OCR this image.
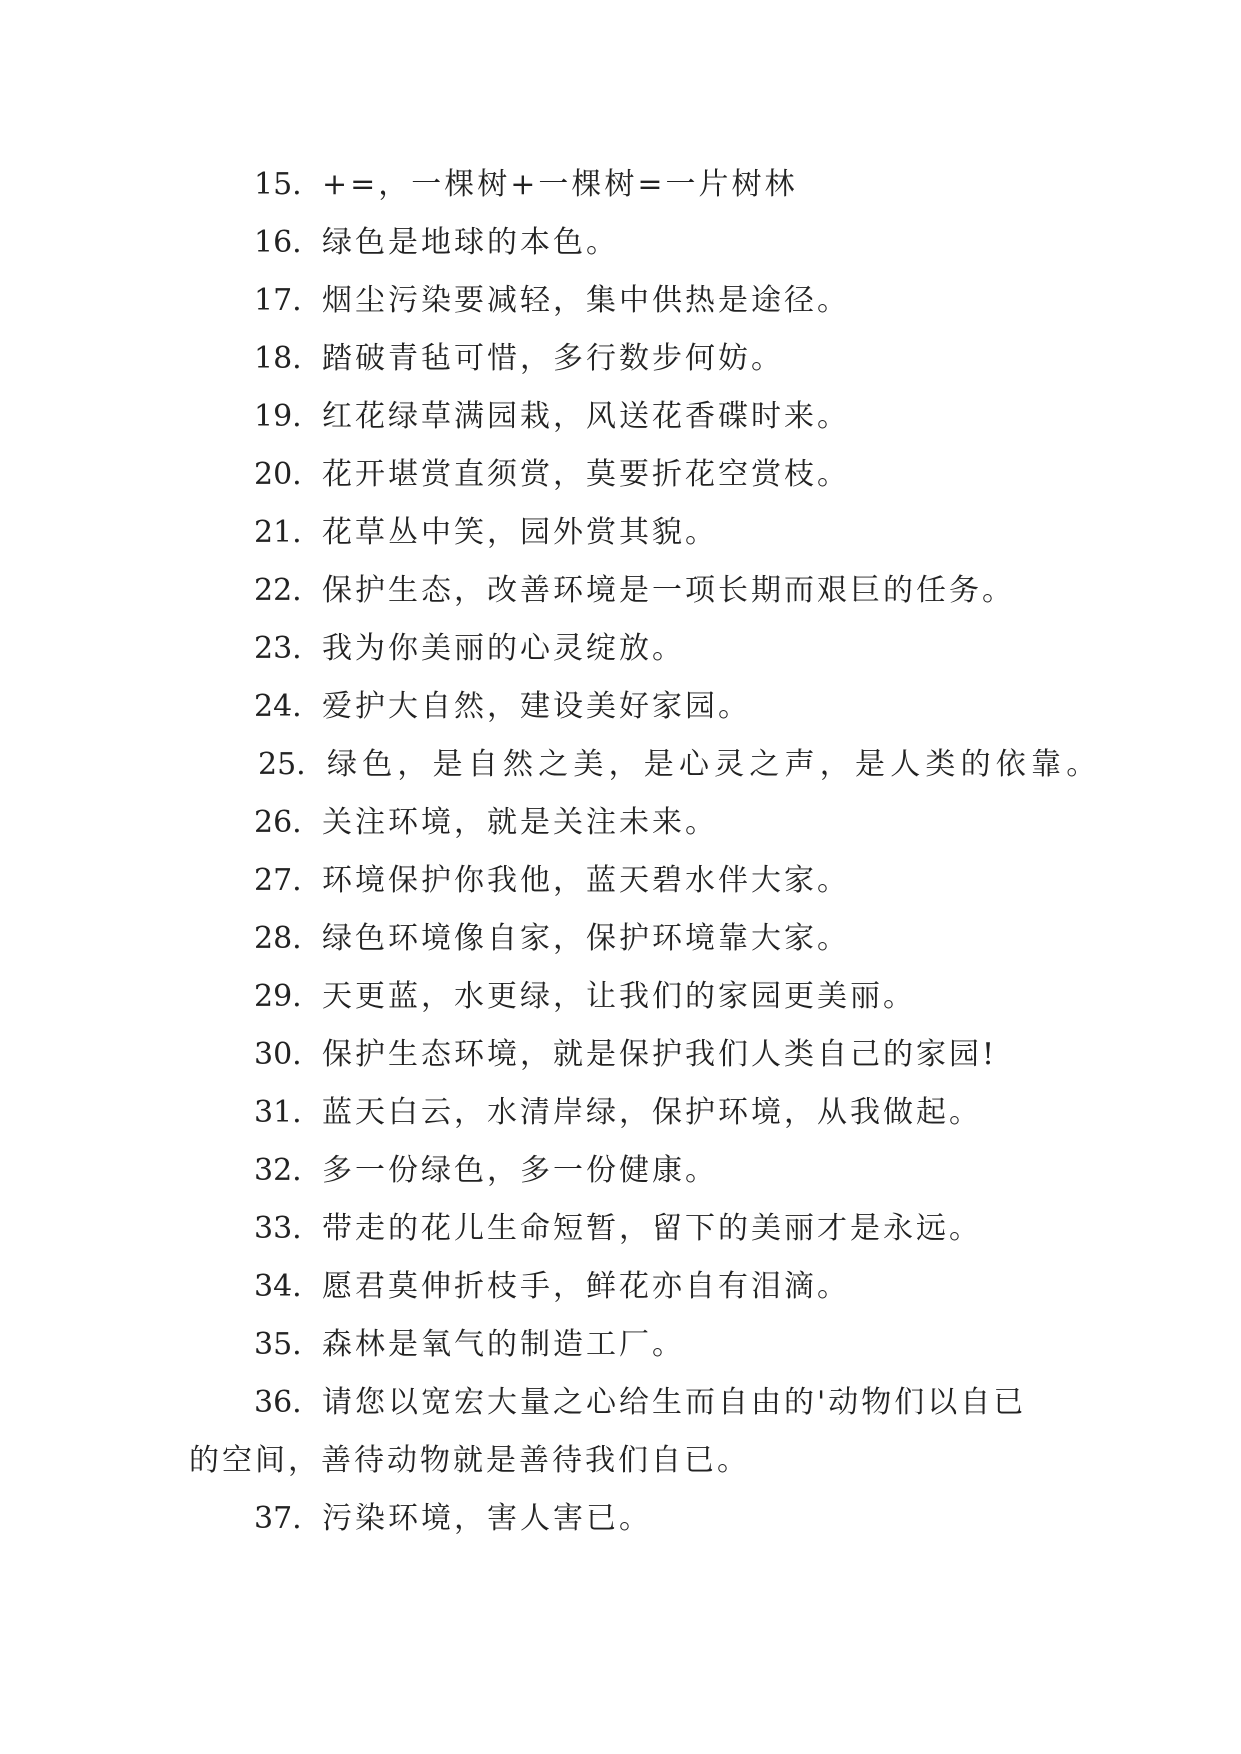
15. +=，一棵树+一棵树=一片树林
16. 绿色是地球的本色。
17. 烟尘污染要减轻，集中供热是途径。
18. 踏破青毡可惜，多行数步何妨。
19. 红花绿草满园栽，风送花香碟时来。
20. 花开堪赏直须赏，莫要折花空赏枝。
21. 花草丛中笑，园外赏其貌。
22. 保护生态，改善环境是一项长期而艰巨的任务。
23. 我为你美丽的心灵绽放。
24. 爱护大自然，建设美好家园。
25. 绿色，是自然之美，是心灵之声，是人类的依靠。
26. 关注环境，就是关注未来。
27. 环境保护你我他，蓝天碧水伴大家。
28. 绿色环境像自家，保护环境靠大家。
29. 天更蓝，水更绿，让我们的家园更美丽。
30. 保护生态环境，就是保护我们人类自己的家园!
31. 蓝天白云，水清岸绿，保护环境，从我做起。
32. 多一份绿色，多一份健康。
33. 带走的花儿生命短暂，留下的美丽才是永远。
34. 愿君莫伸折枝手，鲜花亦自有泪滴。
35. 森林是氧气的制造工厂。
36. 请您以宽宏大量之心给生而自由的'动物们以自已
的空间，善待动物就是善待我们自已。
37. 污染环境，害人害已。
